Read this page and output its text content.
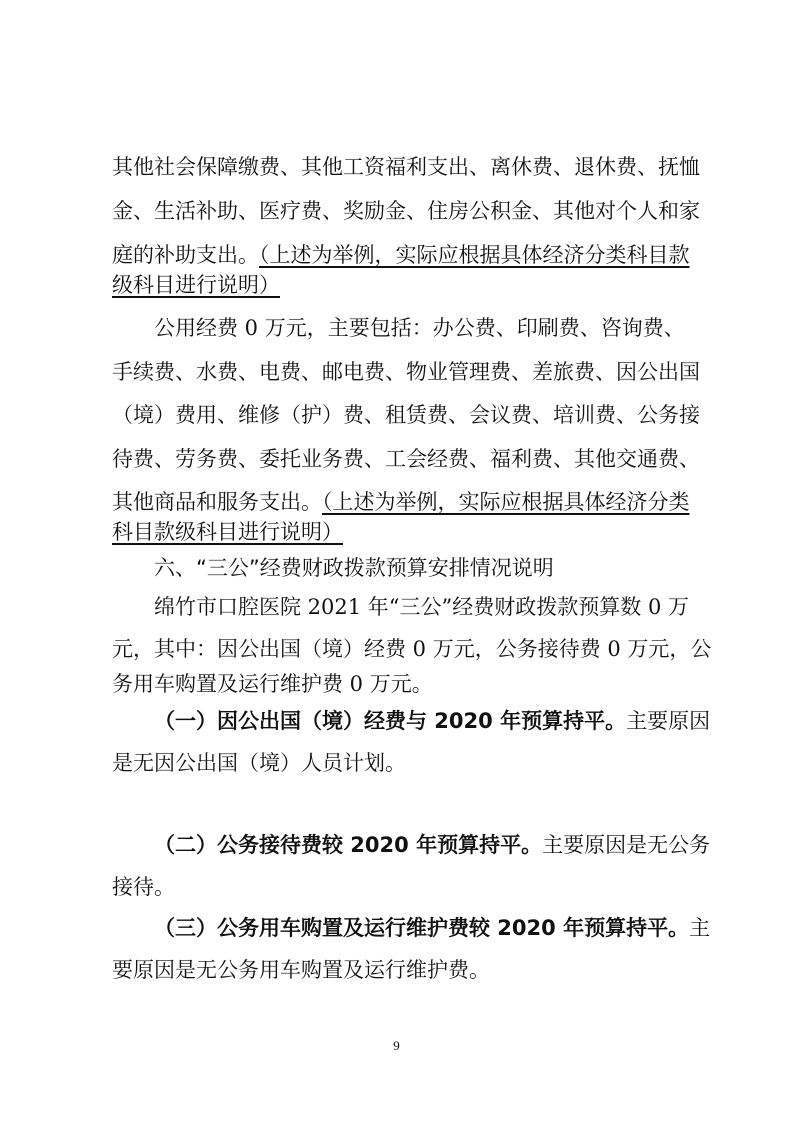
其他社会保障缴费、其他工资福利支出、离休费、退休费、抚恤

金、生活补助、医疗费、奖励金、住房公积金、其他对个人和家

庭的补助支出。（上述为举例，实际应根据具体经济分类科目款

级科目进行说明）

公用经费 0 万元，主要包括：办公费、印刷费、咨询费、

手续费、水费、电费、邮电费、物业管理费、差旅费、因公出国

（境）费用、维修（护）费、租赁费、会议费、培训费、公务接

待费、劳务费、委托业务费、工会经费、福利费、其他交通费、

其他商品和服务支出。（上述为举例，实际应根据具体经济分类

科目款级科目进行说明）

六、“三公”经费财政拨款预算安排情况说明

绵竹市口腔医院 2021 年“三公”经费财政拨款预算数 0 万

元，其中：因公出国（境）经费 0 万元，公务接待费 0 万元，公

务用车购置及运行维护费 0 万元。

（一）因公出国（境）经费与 2020 年预算持平。主要原因

是无因公出国（境）人员计划。

（二）公务接待费较 2020 年预算持平。主要原因是无公务

接待。

（三）公务用车购置及运行维护费较 2020 年预算持平。主

要原因是无公务用车购置及运行维护费。

9
